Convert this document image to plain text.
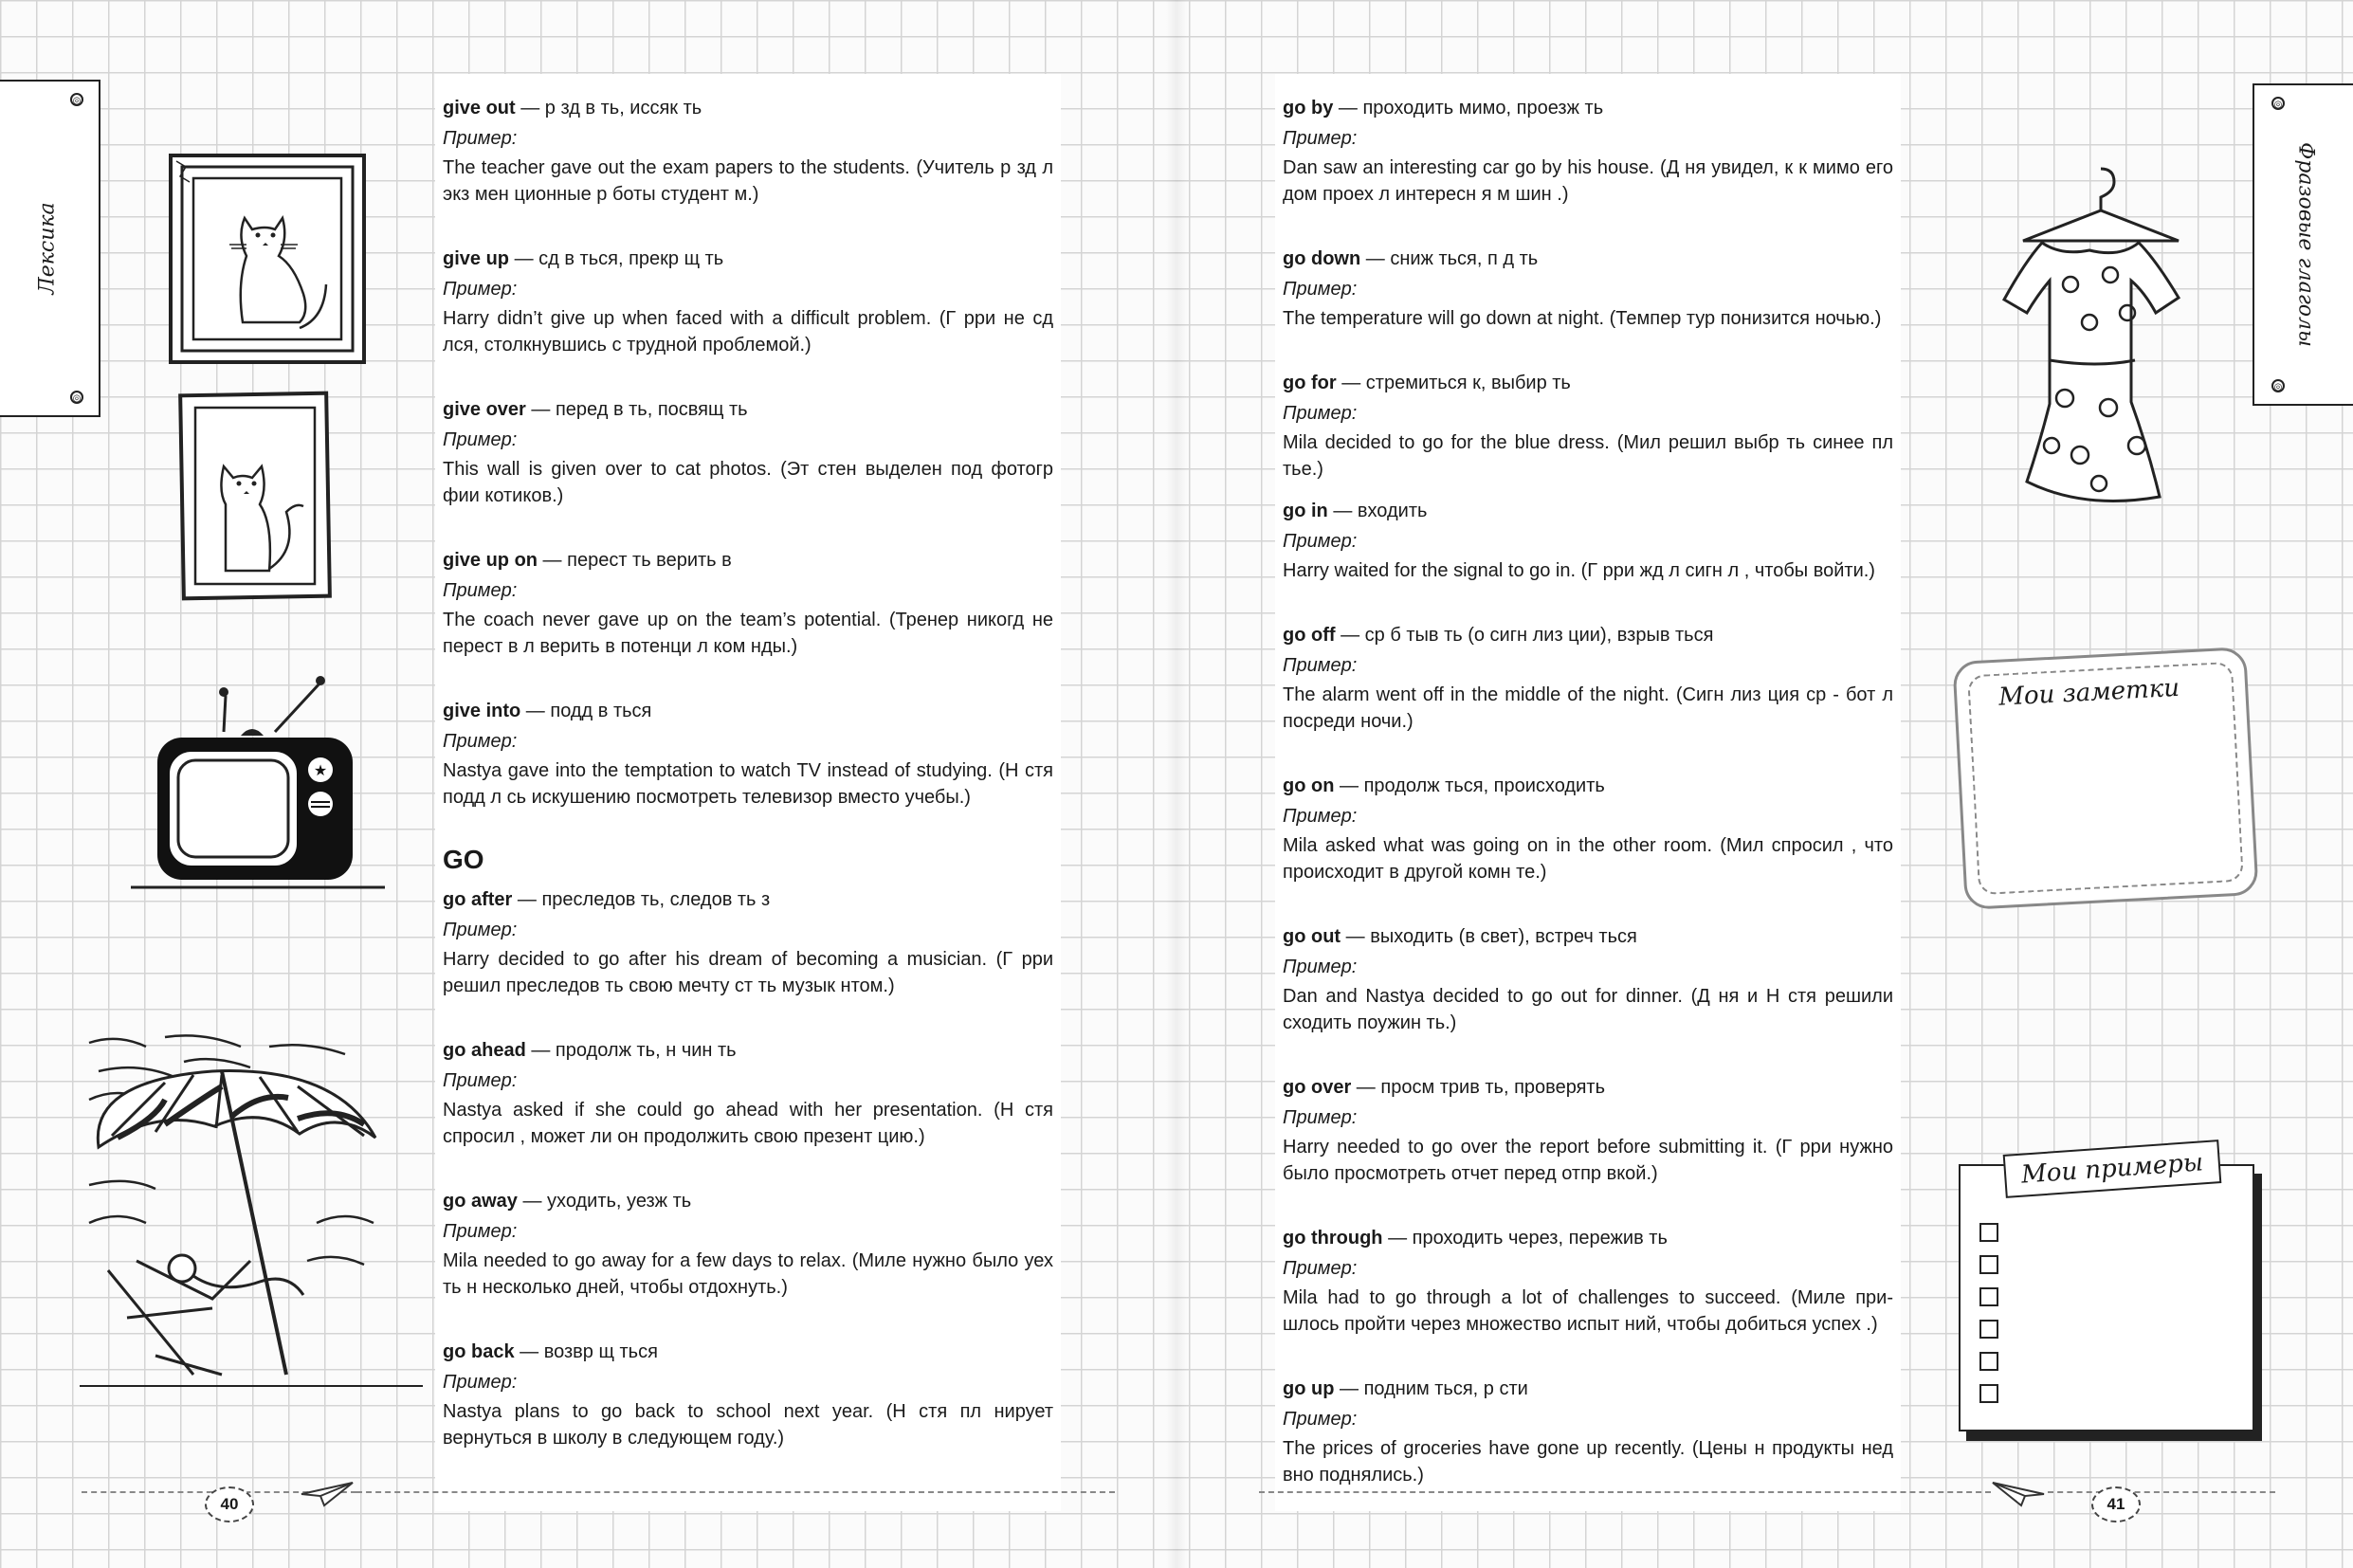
◎
Лексика
◎
★
give out — р зд в ть, иссяк ть
Пример:
The teacher gave out the exam papers to the students. (Учитель р зд л экз мен ционные р боты студент м.)
give up — сд в ться, прекр щ ть
Пример:
Harry didn’t give up when faced with a difficult problem. (Г рри не сд лся, столкнувшись с трудной проблемой.)
give over — перед в ть, посвящ ть
Пример:
This wall is given over to cat photos. (Эт стен выделен под фотогр фии котиков.)
give up on — перест ть верить в
Пример:
The coach never gave up on the team’s potential. (Тренер никогд не перест в л верить в потенци л ком нды.)
give into — подд в ться
Пример:
Nastya gave into the temptation to watch TV instead of studying. (Н стя подд л сь искушению посмотреть телевизор вместо учебы.)
GO
go after — преследов ть, следов ть з
Пример:
Harry decided to go after his dream of becoming a musician. (Г рри решил преследов ть свою мечту ст ть музык нтом.)
go ahead — продолж ть, н чин ть
Пример:
Nastya asked if she could go ahead with her presentation. (Н стя спросил , может ли он продолжить свою презент цию.)
go away — уходить, уезж ть
Пример:
Mila needed to go away for a few days to relax. (Миле нужно было уех ть н несколько дней, чтобы отдохнуть.)
go back — возвр щ ться
Пример:
Nastya plans to go back to school next year. (Н стя пл нирует вернуться в школу в следующем году.)
40
go by — проходить мимо, проезж ть
Пример:
Dan saw an interesting car go by his house. (Д ня увидел, к к мимо его дом проех л интересн я м шин .)
go down — сниж ться, п д ть
Пример:
The temperature will go down at night. (Темпер тур понизится ночью.)
go for — стремиться к, выбир ть
Пример:
Mila decided to go for the blue dress. (Мил решил выбр ть синее пл тье.)
go in — входить
Пример:
Harry waited for the signal to go in. (Г рри жд л сигн л , чтобы войти.)
go off — ср б тыв ть (о сигн лиз ции), взрыв ться
Пример:
The alarm went off in the middle of the night. (Сигн лиз ция ср - бот л посреди ночи.)
go on — продолж ться, происходить
Пример:
Mila asked what was going on in the other room. (Мил спросил , что происходит в другой комн те.)
go out — выходить (в свет), встреч ться
Пример:
Dan and Nastya decided to go out for dinner. (Д ня и Н стя решили сходить поужин ть.)
go over — просм трив ть, проверять
Пример:
Harry needed to go over the report before submitting it. (Г рри нужно было просмотреть отчет перед отпр вкой.)
go through — проходить через, пережив ть
Пример:
Mila had to go through a lot of challenges to succeed. (Миле при- шлось пройти через множество испыт ний, чтобы добиться успех .)
go up — подним ться, р сти
Пример:
The prices of groceries have gone up recently. (Цены н продукты нед вно поднялись.)
◎
Фразовые глаголы
◎
Мои заметки
Мои примеры
41
